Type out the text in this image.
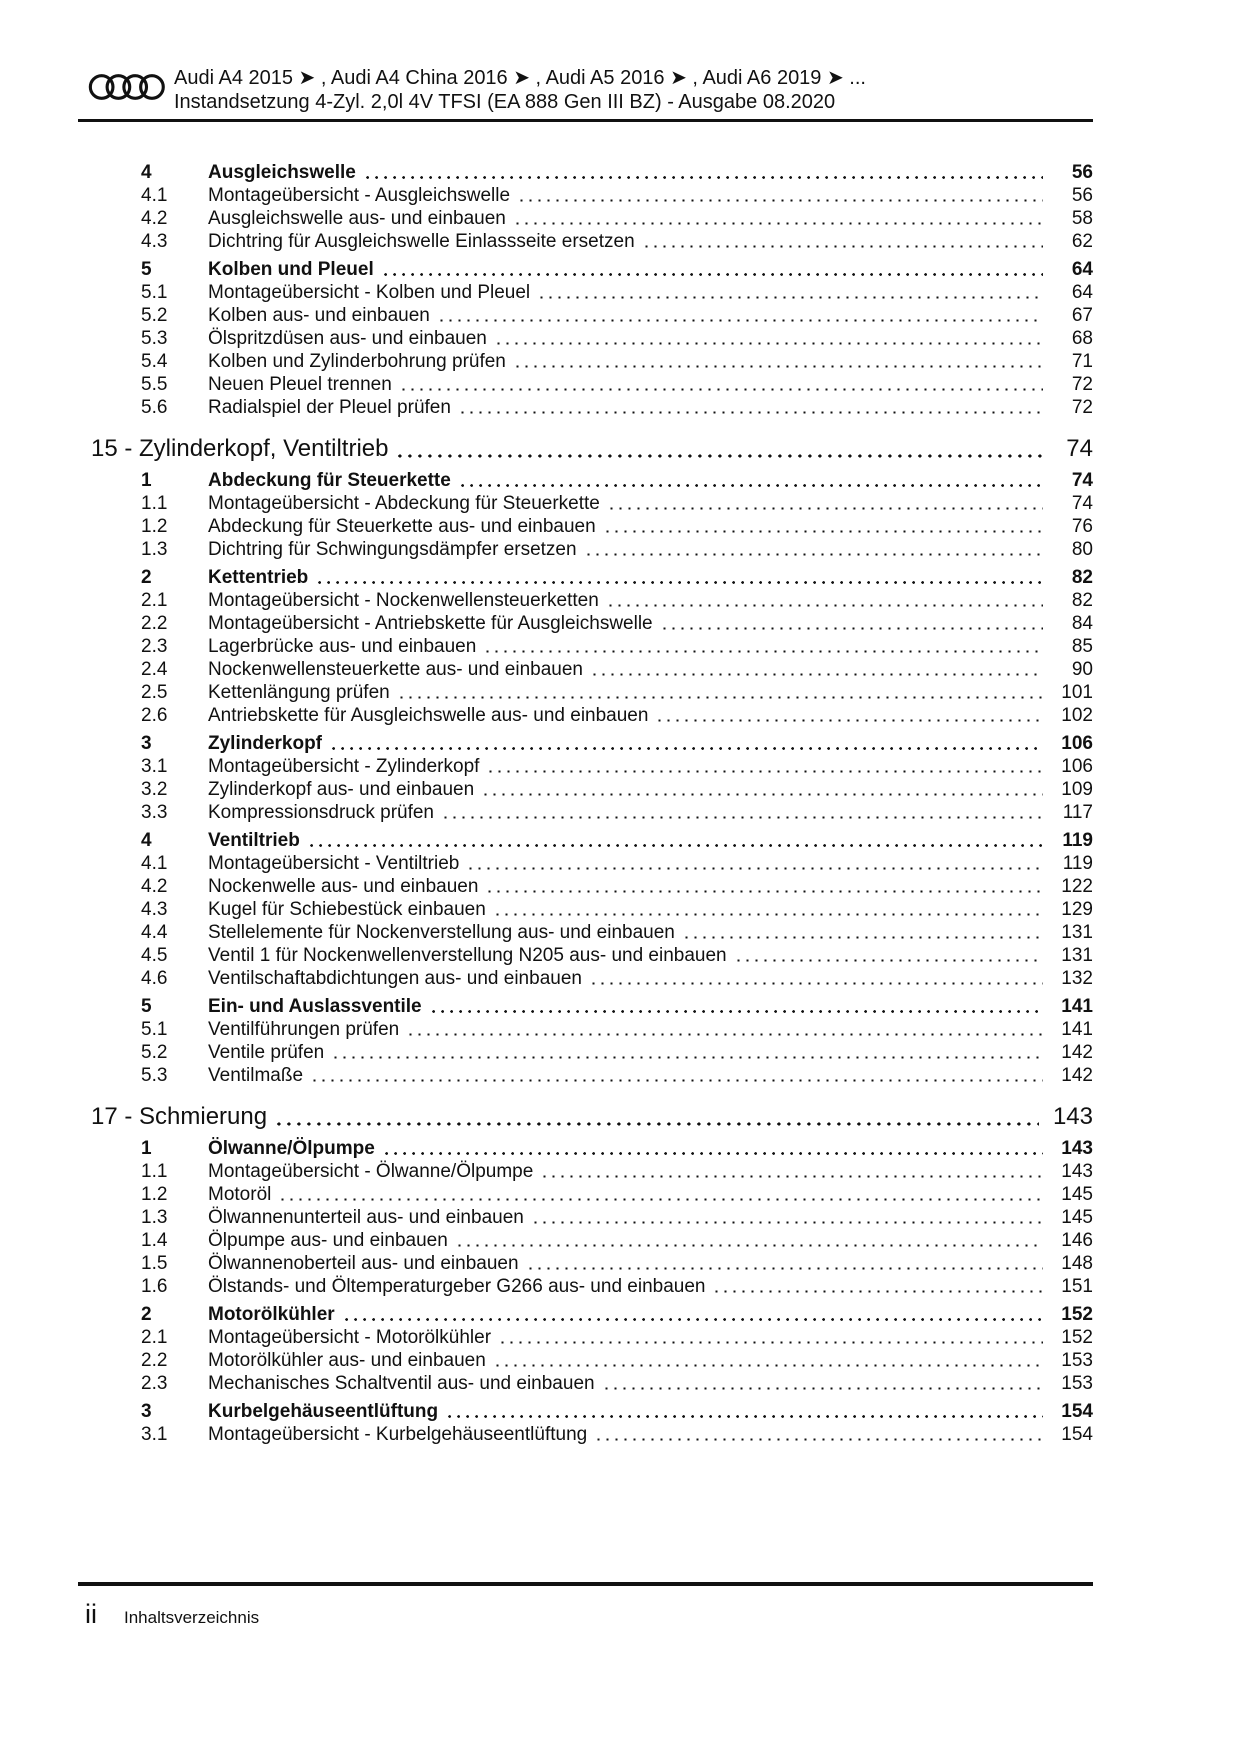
Audi A4 2015 ➤ , Audi A4 China 2016 ➤ , Audi A5 2016 ➤ , Audi A6 2019 ➤ ...
Instandsetzung 4-Zyl. 2,0l 4V TFSI (EA 888 Gen III BZ) - Ausgabe 08.2020
4	Ausgleichswelle	56
4.1	Montageübersicht - Ausgleichswelle	56
4.2	Ausgleichswelle aus- und einbauen	58
4.3	Dichtring für Ausgleichswelle Einlassseite ersetzen	62
5	Kolben und Pleuel	64
5.1	Montageübersicht - Kolben und Pleuel	64
5.2	Kolben aus- und einbauen	67
5.3	Ölspritzdüsen aus- und einbauen	68
5.4	Kolben und Zylinderbohrung prüfen	71
5.5	Neuen Pleuel trennen	72
5.6	Radialspiel der Pleuel prüfen	72
15 - Zylinderkopf, Ventiltrieb	74
1	Abdeckung für Steuerkette	74
1.1	Montageübersicht - Abdeckung für Steuerkette	74
1.2	Abdeckung für Steuerkette aus- und einbauen	76
1.3	Dichtring für Schwingungsdämpfer ersetzen	80
2	Kettentrieb	82
2.1	Montageübersicht - Nockenwellensteuerketten	82
2.2	Montageübersicht - Antriebskette für Ausgleichswelle	84
2.3	Lagerbrücke aus- und einbauen	85
2.4	Nockenwellensteuerkette aus- und einbauen	90
2.5	Kettenlängung prüfen	101
2.6	Antriebskette für Ausgleichswelle aus- und einbauen	102
3	Zylinderkopf	106
3.1	Montageübersicht - Zylinderkopf	106
3.2	Zylinderkopf aus- und einbauen	109
3.3	Kompressionsdruck prüfen	117
4	Ventiltrieb	119
4.1	Montageübersicht - Ventiltrieb	119
4.2	Nockenwelle aus- und einbauen	122
4.3	Kugel für Schiebestück einbauen	129
4.4	Stellelemente für Nockenverstellung aus- und einbauen	131
4.5	Ventil 1 für Nockenwellenverstellung N205 aus- und einbauen	131
4.6	Ventilschaftabdichtungen aus- und einbauen	132
5	Ein- und Auslassventile	141
5.1	Ventilführungen prüfen	141
5.2	Ventile prüfen	142
5.3	Ventilmaße	142
17 - Schmierung	143
1	Ölwanne/Ölpumpe	143
1.1	Montageübersicht - Ölwanne/Ölpumpe	143
1.2	Motoröl	145
1.3	Ölwannenunterteil aus- und einbauen	145
1.4	Ölpumpe aus- und einbauen	146
1.5	Ölwannenoberteil aus- und einbauen	148
1.6	Ölstands- und Öltemperaturgeber G266 aus- und einbauen	151
2	Motorölkühler	152
2.1	Montageübersicht - Motorölkühler	152
2.2	Motorölkühler aus- und einbauen	153
2.3	Mechanisches Schaltventil aus- und einbauen	153
3	Kurbelgehäuseentlüftung	154
3.1	Montageübersicht - Kurbelgehäuseentlüftung	154
ii Inhaltsverzeichnis
